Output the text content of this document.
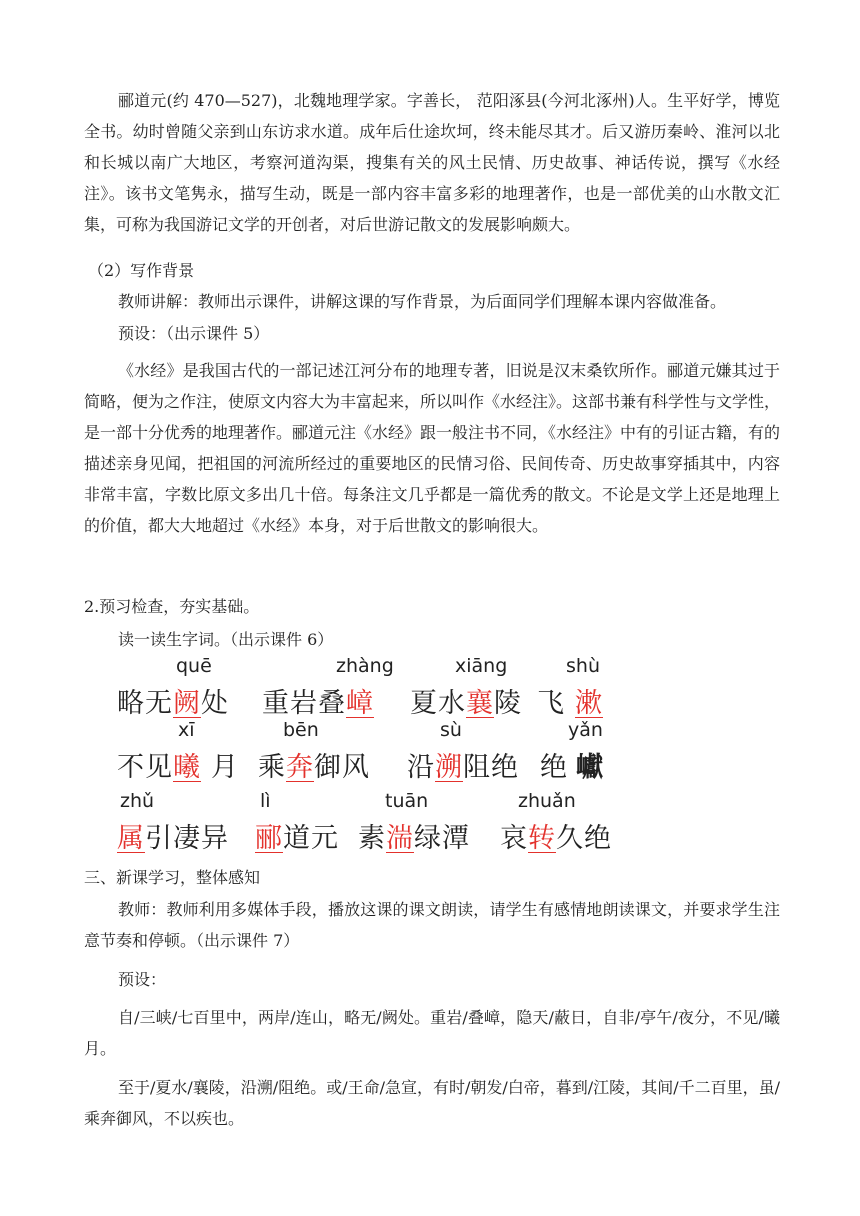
郦道元(约 470—527)，北魏地理学家。字善长， 范阳涿县(今河北涿州)人。生平好学，博览全书。幼时曾随父亲到山东访求水道。成年后仕途坎坷，终未能尽其才。后又游历秦岭、淮河以北和长城以南广大地区，考察河道沟渠，搜集有关的风土民情、历史故事、神话传说，撰写《水经注》。该书文笔隽永，描写生动，既是一部内容丰富多彩的地理著作，也是一部优美的山水散文汇集，可称为我国游记文学的开创者，对后世游记散文的发展影响颇大。
（2）写作背景
教师讲解：教师出示课件，讲解这课的写作背景，为后面同学们理解本课内容做准备。
预设：（出示课件 5）
《水经》是我国古代的一部记述江河分布的地理专著，旧说是汉末桑钦所作。郦道元嫌其过于简略，便为之作注，使原文内容大为丰富起来，所以叫作《水经注》。这部书兼有科学性与文学性，是一部十分优秀的地理著作。郦道元注《水经》跟一般注书不同，《水经注》中有的引证古籍，有的描述亲身见闻，把祖国的河流所经过的重要地区的民情习俗、民间传奇、历史故事穿插其中，内容非常丰富，字数比原文多出几十倍。每条注文几乎都是一篇优秀的散文。不论是文学上还是地理上的价值，都大大地超过《水经》本身，对于后世散文的影响很大。
2.预习检查，夯实基础。
读一读生字词。（出示课件 6）
quē	zhàng	xiāng	shù
略无阙处 重岩叠嶂 夏水襄陵 飞 漱
xī	bēn	sù	yǎn
不见曦 月 乘奔御风 沿溯阻绝 绝 巘
zhǔ	lì	tuān	zhuǎn
属引凄异 郦道元 素湍绿潭 哀转久绝
三、新课学习，整体感知
教师：教师利用多媒体手段，播放这课的课文朗读，请学生有感情地朗读课文，并要求学生注意节奏和停顿。（出示课件 7）
预设：
自/三峡/七百里中，两岸/连山，略无/阙处。重岩/叠嶂，隐天/蔽日，自非/亭午/夜分，不见/曦月。
至于/夏水/襄陵，沿溯/阻绝。或/王命/急宣，有时/朝发/白帝，暮到/江陵，其间/千二百里，虽/乘奔御风，不以疾也。
